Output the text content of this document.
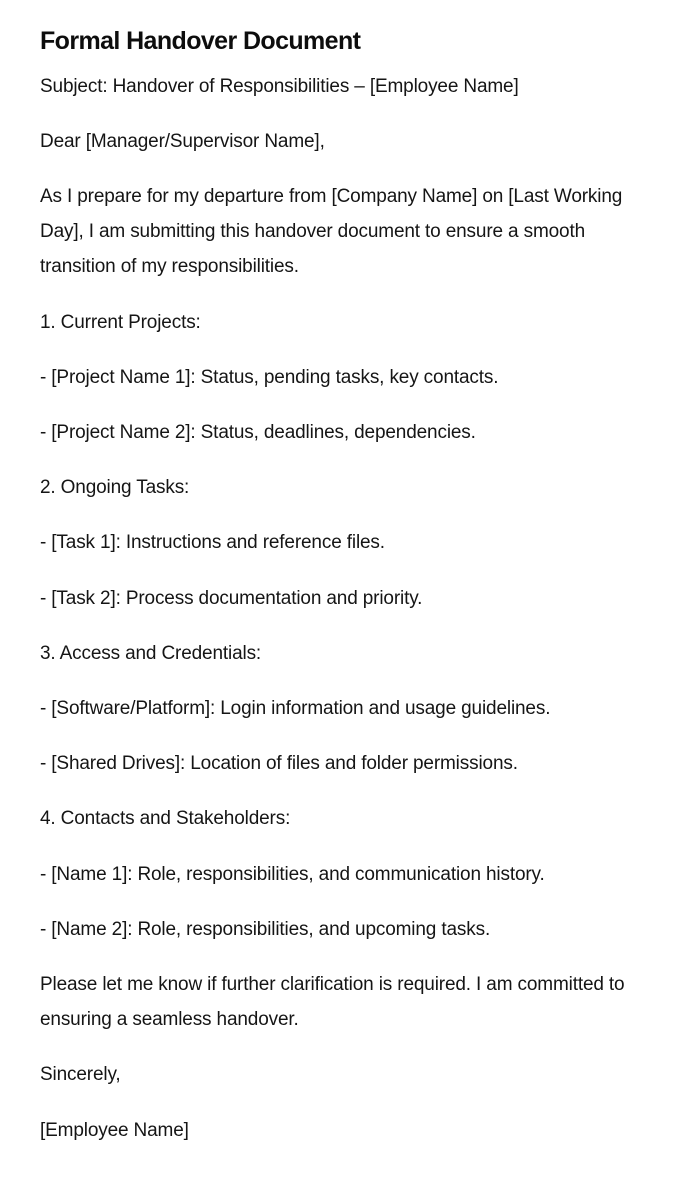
Formal Handover Document

Subject: Handover of Responsibilities – [Employee Name]

Dear [Manager/Supervisor Name],

As I prepare for my departure from [Company Name] on [Last Working Day], I am submitting this handover document to ensure a smooth transition of my responsibilities.

1. Current Projects:

- [Project Name 1]: Status, pending tasks, key contacts.

- [Project Name 2]: Status, deadlines, dependencies.

2. Ongoing Tasks:

- [Task 1]: Instructions and reference files.

- [Task 2]: Process documentation and priority.

3. Access and Credentials:

- [Software/Platform]: Login information and usage guidelines.

- [Shared Drives]: Location of files and folder permissions.

4. Contacts and Stakeholders:

- [Name 1]: Role, responsibilities, and communication history.

- [Name 2]: Role, responsibilities, and upcoming tasks.

Please let me know if further clarification is required. I am committed to ensuring a seamless handover.

Sincerely,

[Employee Name]
